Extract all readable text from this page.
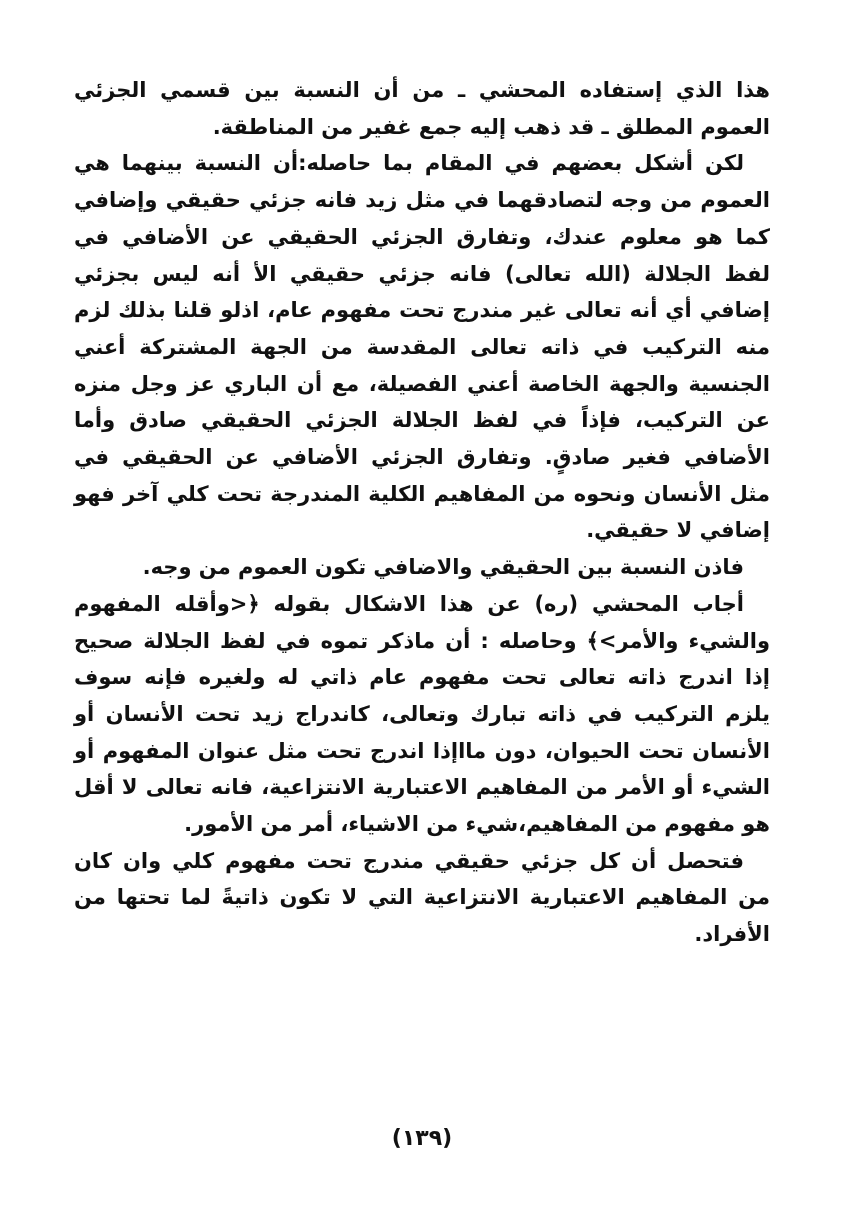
هذا الذي إستفاده المحشي ـ من أن النسبة بين قسمي الجزئي العموم المطلق ـ قد ذهب إليه جمع غفير من المناطقة.

لكن أشكل بعضهم في المقام بما حاصله:أن النسبة بينهما هي العموم من وجه لتصادقهما في مثل زيد فانه جزئي حقيقي وإضافي كما هو معلوم عندك، وتفارق الجزئي الحقيقي عن الأضافي في لفظ الجلالة (الله تعالى) فانه جزئي حقيقي الأ أنه ليس بجزئي إضافي أي أنه تعالى غير مندرج تحت مفهوم عام، اذلو قلنا بذلك لزم منه التركيب في ذاته تعالى المقدسة من الجهة المشتركة أعني الجنسية والجهة الخاصة أعني الفصيلة، مع أن الباري عز وجل منزه عن التركيب، فإذاً في لفظ الجلالة الجزئي الحقيقي صادق وأما الأضافي فغير صادقٍ. وتفارق الجزئي الأضافي عن الحقيقي في مثل الأنسان ونحوه من المفاهيم الكلية المندرجة تحت كلي آخر فهو إضافي لا حقيقي.

فاذن النسبة بين الحقيقي والاضافي تكون العموم من وجه.

أجاب المحشي (ره) عن هذا الاشكال بقوله ﴿<وأقله المفهوم والشيء والأمر>﴾ وحاصله : أن ماذكر تموه في لفظ الجلالة صحيح إذا اندرج ذاته تعالى تحت مفهوم عام ذاتي له ولغيره فإنه سوف يلزم التركيب في ذاته تبارك وتعالى، كاندراج زيد تحت الأنسان أو الأنسان تحت الحيوان، دون مااإذا اندرج تحت مثل عنوان المفهوم أو الشيء أو الأمر من المفاهيم الاعتبارية الانتزاعية، فانه تعالى لا أقل هو مفهوم من المفاهيم،شيء من الاشياء، أمر من الأمور.

فتحصل أن كل جزئي حقيقي مندرج تحت مفهوم كلي وان كان من المفاهيم الاعتبارية الانتزاعية التي لا تكون ذاتيةً لما تحتها من الأفراد.

(١٣٩)
